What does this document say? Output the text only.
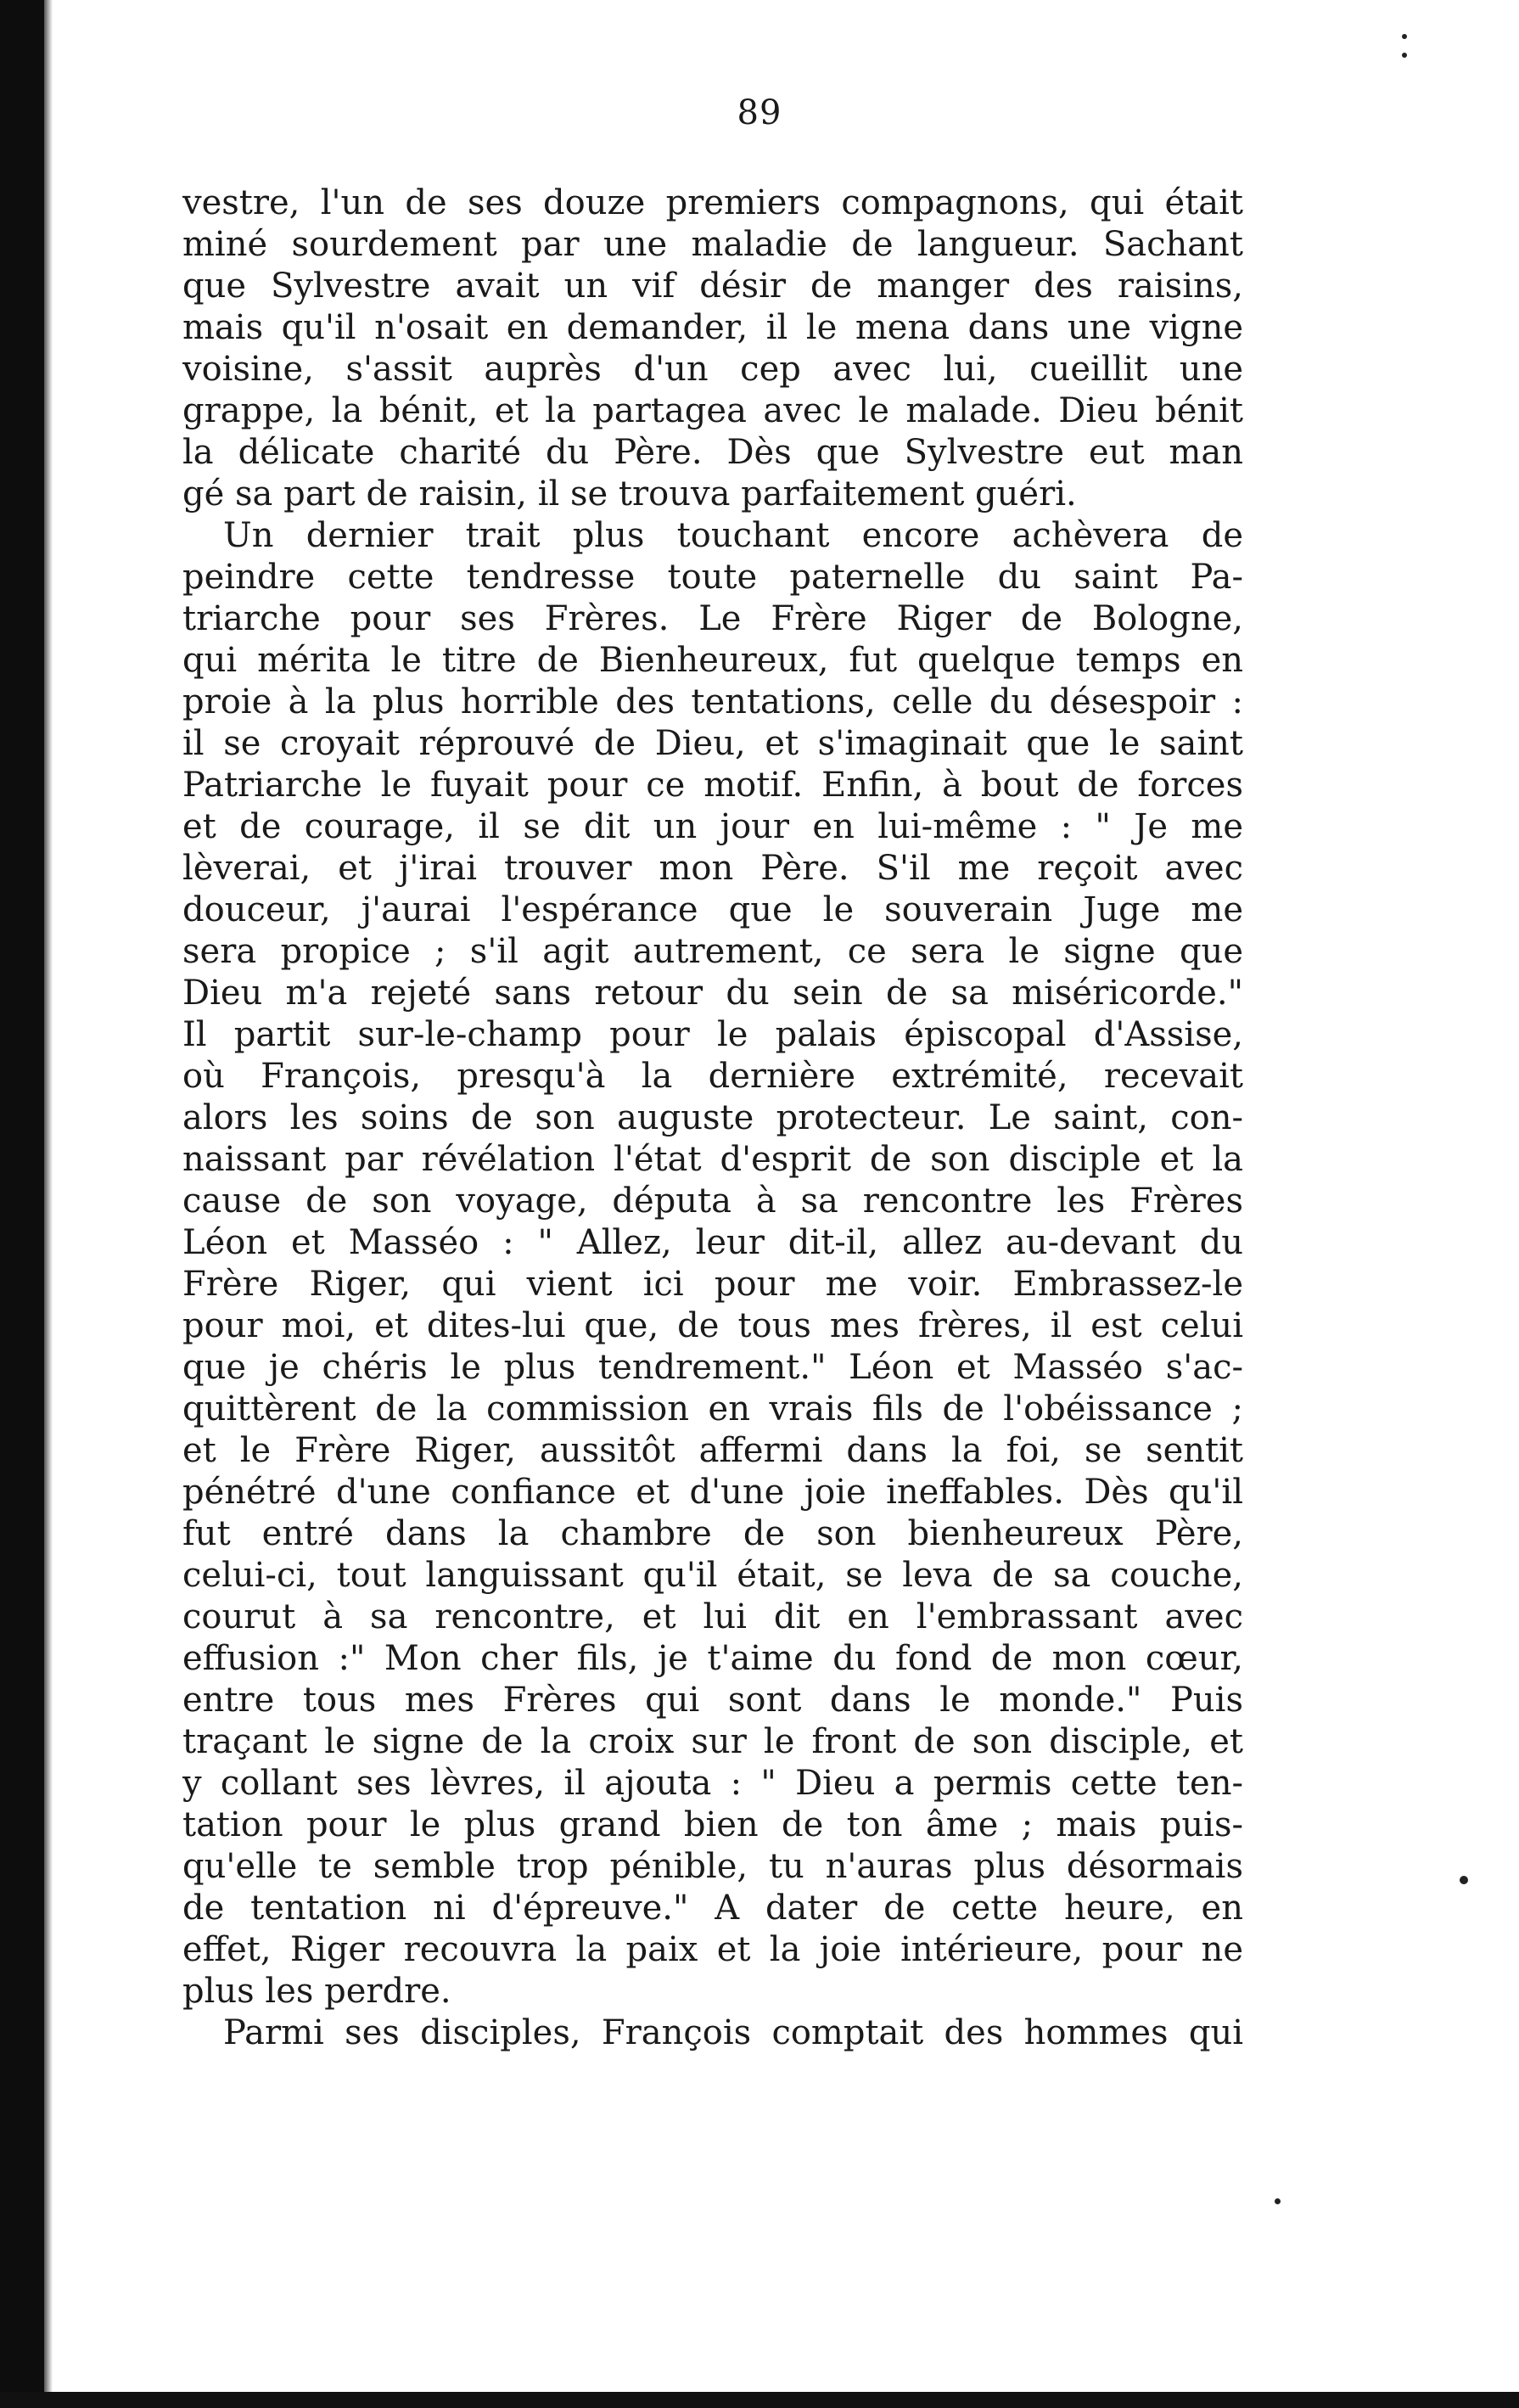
89
vestre, l'un de ses douze premiers compagnons, qui était
miné sourdement par une maladie de langueur. Sachant
que Sylvestre avait un vif désir de manger des raisins,
mais qu'il n'osait en demander, il le mena dans une vigne
voisine, s'assit auprès d'un cep avec lui, cueillit une
grappe, la bénit, et la partagea avec le malade. Dieu bénit
la délicate charité du Père. Dès que Sylvestre eut man
gé sa part de raisin, il se trouva parfaitement guéri.
Un dernier trait plus touchant encore achèvera de
peindre cette tendresse toute paternelle du saint Pa-
triarche pour ses Frères. Le Frère Riger de Bologne,
qui mérita le titre de Bienheureux, fut quelque temps en
proie à la plus horrible des tentations, celle du désespoir :
il se croyait réprouvé de Dieu, et s'imaginait que le saint
Patriarche le fuyait pour ce motif. Enfin, à bout de forces
et de courage, il se dit un jour en lui-même : " Je me
lèverai, et j'irai trouver mon Père. S'il me reçoit avec
douceur, j'aurai l'espérance que le souverain Juge me
sera propice ; s'il agit autrement, ce sera le signe que
Dieu m'a rejeté sans retour du sein de sa miséricorde."
Il partit sur-le-champ pour le palais épiscopal d'Assise,
où François, presqu'à la dernière extrémité, recevait
alors les soins de son auguste protecteur. Le saint, con-
naissant par révélation l'état d'esprit de son disciple et la
cause de son voyage, députa à sa rencontre les Frères
Léon et Masséo : " Allez, leur dit-il, allez au-devant du
Frère Riger, qui vient ici pour me voir. Embrassez-le
pour moi, et dites-lui que, de tous mes frères, il est celui
que je chéris le plus tendrement." Léon et Masséo s'ac-
quittèrent de la commission en vrais fils de l'obéissance ;
et le Frère Riger, aussitôt affermi dans la foi, se sentit
pénétré d'une confiance et d'une joie ineffables. Dès qu'il
fut entré dans la chambre de son bienheureux Père,
celui-ci, tout languissant qu'il était, se leva de sa couche,
courut à sa rencontre, et lui dit en l'embrassant avec
effusion :" Mon cher fils, je t'aime du fond de mon cœur,
entre tous mes Frères qui sont dans le monde." Puis
traçant le signe de la croix sur le front de son disciple, et
y collant ses lèvres, il ajouta : " Dieu a permis cette ten-
tation pour le plus grand bien de ton âme ; mais puis-
qu'elle te semble trop pénible, tu n'auras plus désormais
de tentation ni d'épreuve." A dater de cette heure, en
effet, Riger recouvra la paix et la joie intérieure, pour ne
plus les perdre.
Parmi ses disciples, François comptait des hommes qui
